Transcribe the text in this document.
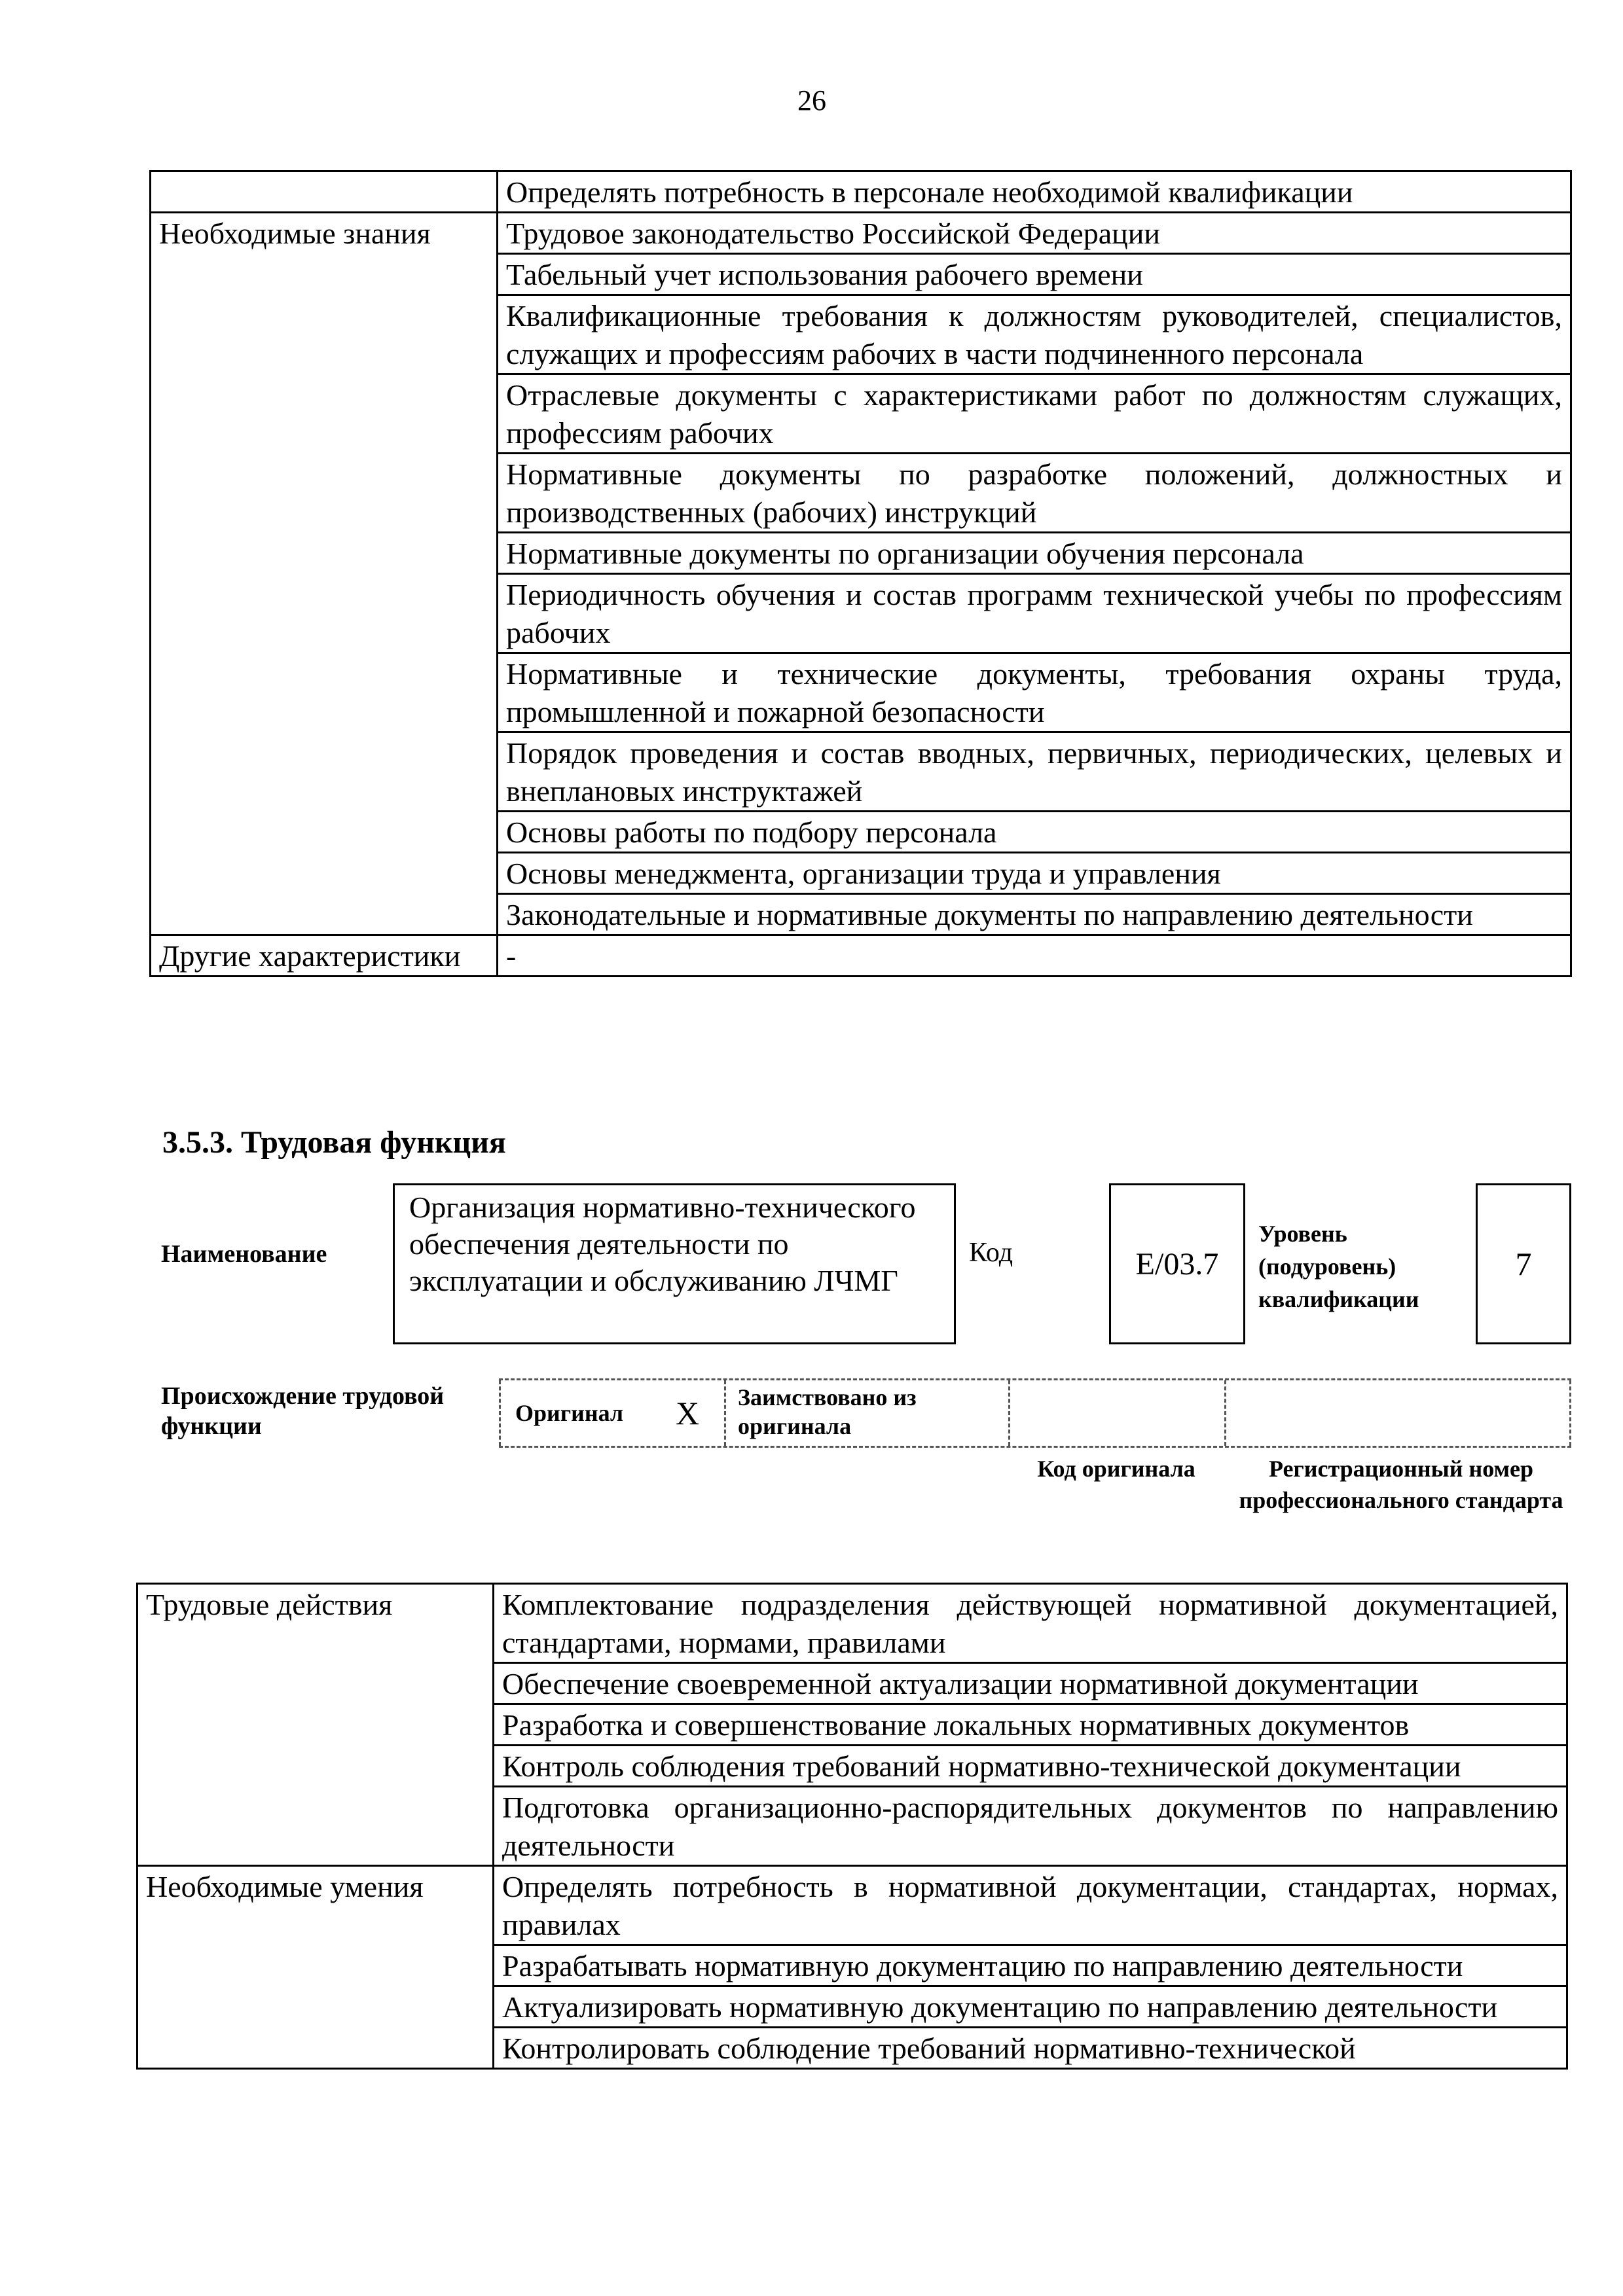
26
	Определять потребность в персонале необходимой квалификации
Необходимые знания	Трудовое законодательство Российской Федерации
	Табельный учет использования рабочего времени
	Квалификационные требования к должностям руководителей, специалистов, служащих и профессиям рабочих в части подчиненного персонала
	Отраслевые документы с характеристиками работ по должностям служащих, профессиям рабочих
	Нормативные документы по разработке положений, должностных и производственных (рабочих) инструкций
	Нормативные документы по организации обучения персонала
	Периодичность обучения и состав программ технической учебы по профессиям рабочих
	Нормативные и технические документы, требования охраны труда, промышленной и пожарной безопасности
	Порядок проведения и состав вводных, первичных, периодических, целевых и внеплановых инструктажей
	Основы работы по подбору персонала
	Основы менеджмента, организации труда и управления
	Законодательные и нормативные документы по направлению деятельности
Другие характеристики	-
3.5.3. Трудовая функция
Наименование
Организация нормативно-технического обеспечения деятельности по эксплуатации и обслуживанию ЛЧМГ
Код	E/03.7
Уровень (подуровень) квалификации
7
Происхождение трудовой функции	Оригинал X	Заимствовано из оригинала
Код оригинала	Регистрационный номер профессионального стандарта
Трудовые действия	Комплектование подразделения действующей нормативной документацией, стандартами, нормами, правилами
	Обеспечение своевременной актуализации нормативной документации
	Разработка и совершенствование локальных нормативных документов
	Контроль соблюдения требований нормативно-технической документации
	Подготовка организационно-распорядительных документов по направлению деятельности
Необходимые умения	Определять потребность в нормативной документации, стандартах, нормах, правилах
	Разрабатывать нормативную документацию по направлению деятельности
	Актуализировать нормативную документацию по направлению деятельности
	Контролировать соблюдение требований нормативно-технической
